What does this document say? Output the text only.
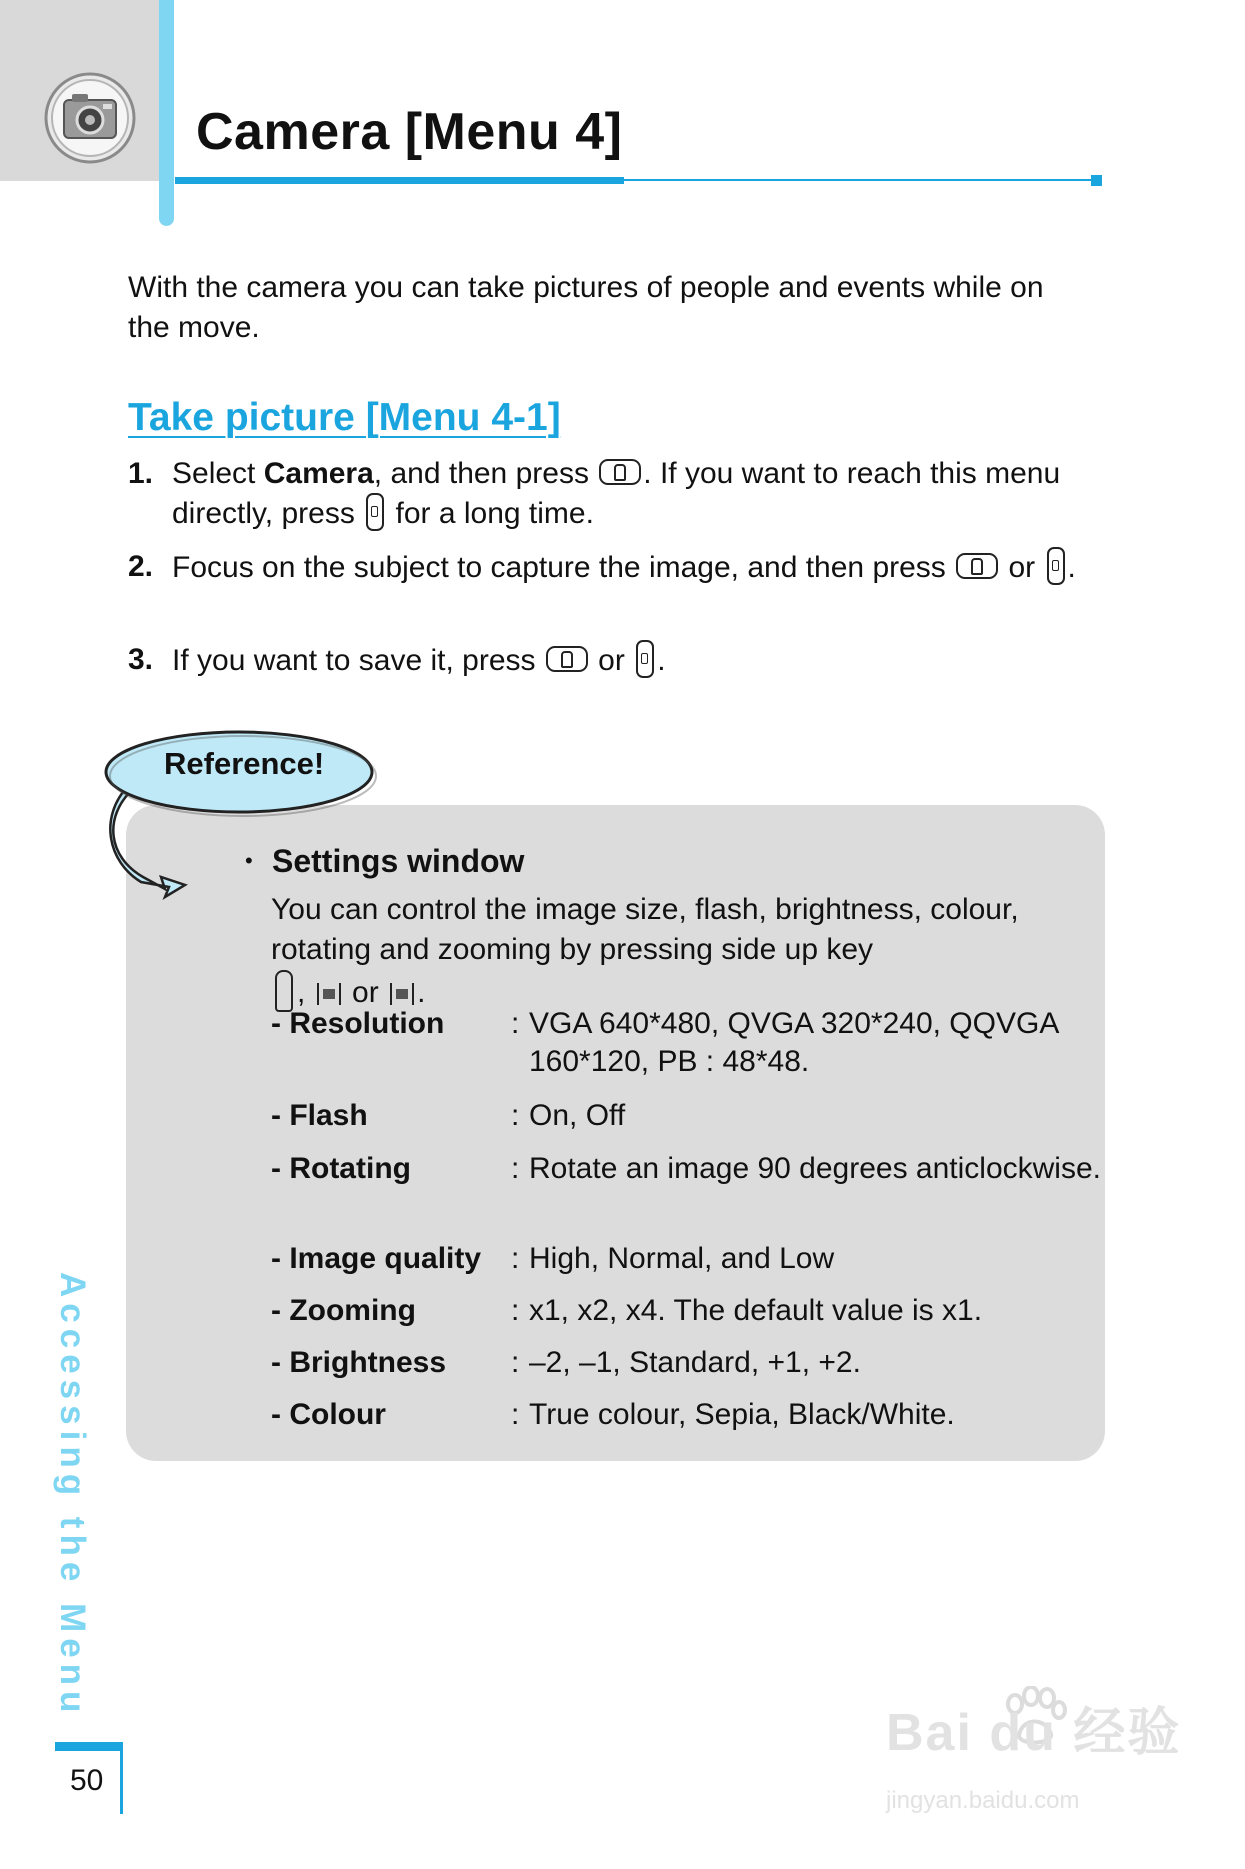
Camera [Menu 4]
With the camera you can take pictures of people and events while on the move.
Take picture [Menu 4-1]
1. Select Camera, and then press . If you want to reach this menu directly, press  for a long time.
2. Focus on the subject to capture the image, and then press  or .
3. If you want to save it, press  or .
Reference!
• Settings window
You can control the image size, flash, brightness, colour, rotating and zooming by pressing side up key
, or .
- Resolution	: VGA 640*480, QVGA 320*240, QQVGA 160*120, PB : 48*48.
- Flash	: On, Off
- Rotating	: Rotate an image 90 degrees anticlockwise.
- Image quality : High, Normal, and Low
- Zooming	: x1, x2, x4. The default value is x1.
- Brightness	: –2, –1, Standard, +1, +2.
- Colour	: True colour, Sepia, Black/White.
Accessing the Menu
50
Bai du 经验
jingyan.baidu.com
